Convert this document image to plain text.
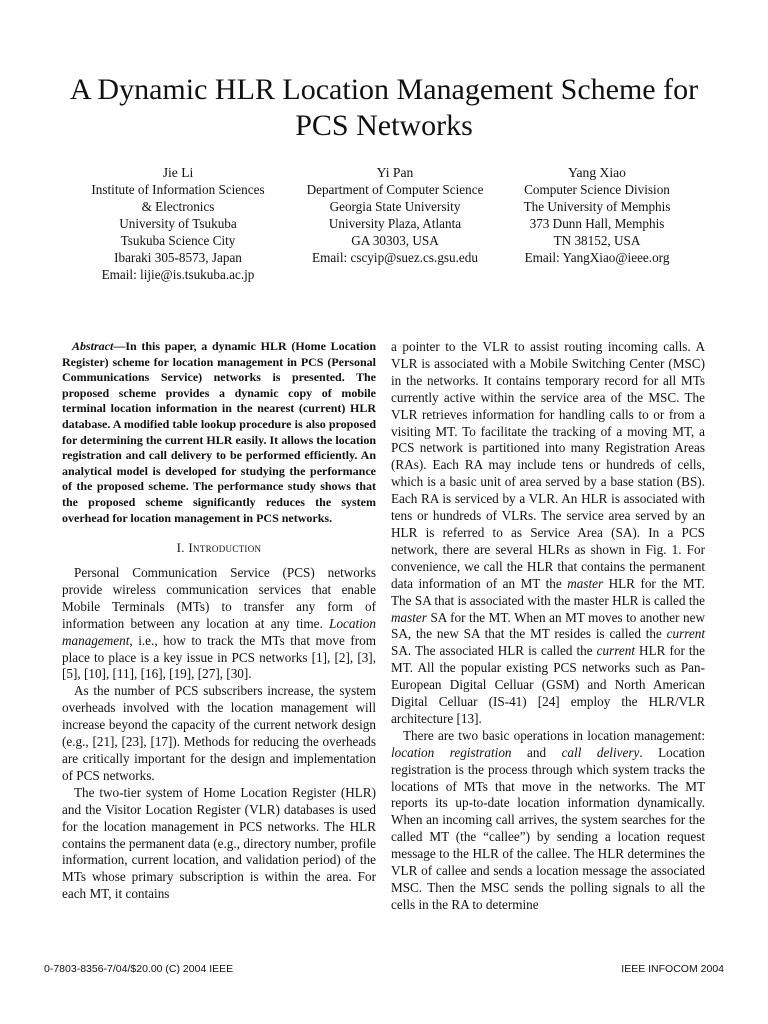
A Dynamic HLR Location Management Scheme for PCS Networks
Jie Li
Institute of Information Sciences
& Electronics
University of Tsukuba
Tsukuba Science City
Ibaraki 305-8573, Japan
Email: lijie@is.tsukuba.ac.jp
Yi Pan
Department of Computer Science
Georgia State University
University Plaza, Atlanta
GA 30303, USA
Email: cscyip@suez.cs.gsu.edu
Yang Xiao
Computer Science Division
The University of Memphis
373 Dunn Hall, Memphis
TN 38152, USA
Email: YangXiao@ieee.org

Abstract—In this paper, a dynamic HLR (Home Location Register) scheme for location management in PCS (Personal Communications Service) networks is presented. The proposed scheme provides a dynamic copy of mobile terminal location information in the nearest (current) HLR database. A modified table lookup procedure is also proposed for determining the current HLR easily. It allows the location registration and call delivery to be performed efficiently. An analytical model is developed for studying the performance of the proposed scheme. The performance study shows that the proposed scheme significantly reduces the system overhead for location management in PCS networks.

I. Introduction

Personal Communication Service (PCS) networks provide wireless communication services that enable Mobile Terminals (MTs) to transfer any form of information between any location at any time. Location management, i.e., how to track the MTs that move from place to place is a key issue in PCS networks [1], [2], [3], [5], [10], [11], [16], [19], [27], [30].

As the number of PCS subscribers increase, the system overheads involved with the location management will increase beyond the capacity of the current network design (e.g., [21], [23], [17]). Methods for reducing the overheads are critically important for the design and implementation of PCS networks.

The two-tier system of Home Location Register (HLR) and the Visitor Location Register (VLR) databases is used for the location management in PCS networks. The HLR contains the permanent data (e.g., directory number, profile information, current location, and validation period) of the MTs whose primary subscription is within the area. For each MT, it contains

a pointer to the VLR to assist routing incoming calls. A VLR is associated with a Mobile Switching Center (MSC) in the networks. It contains temporary record for all MTs currently active within the service area of the MSC. The VLR retrieves information for handling calls to or from a visiting MT. To facilitate the tracking of a moving MT, a PCS network is partitioned into many Registration Areas (RAs). Each RA may include tens or hundreds of cells, which is a basic unit of area served by a base station (BS). Each RA is serviced by a VLR. An HLR is associated with tens or hundreds of VLRs. The service area served by an HLR is referred to as Service Area (SA). In a PCS network, there are several HLRs as shown in Fig. 1. For convenience, we call the HLR that contains the permanent data information of an MT the master HLR for the MT. The SA that is associated with the master HLR is called the master SA for the MT. When an MT moves to another new SA, the new SA that the MT resides is called the current SA. The associated HLR is called the current HLR for the MT. All the popular existing PCS networks such as Pan-European Digital Celluar (GSM) and North American Digital Celluar (IS-41) [24] employ the HLR/VLR architecture [13].

There are two basic operations in location management: location registration and call delivery. Location registration is the process through which system tracks the locations of MTs that move in the networks. The MT reports its up-to-date location information dynamically. When an incoming call arrives, the system searches for the called MT (the “callee”) by sending a location request message to the HLR of the callee. The HLR determines the VLR of callee and sends a location message the associated MSC. Then the MSC sends the polling signals to all the cells in the RA to determine

0-7803-8356-7/04/$20.00 (C) 2004 IEEE	IEEE INFOCOM 2004
